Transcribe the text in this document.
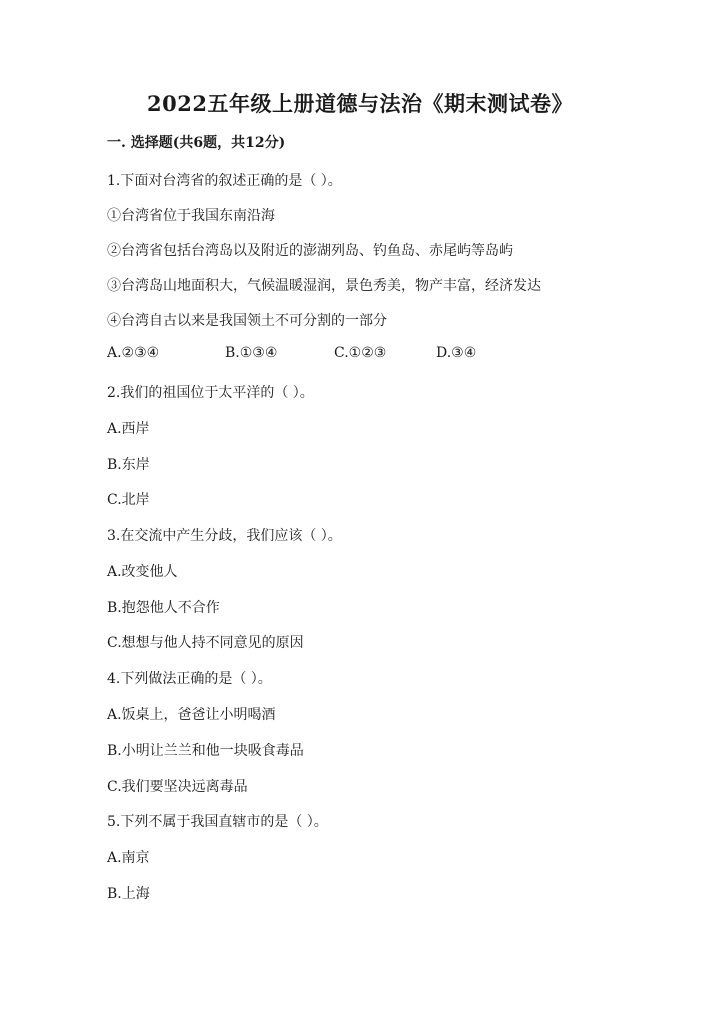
2022五年级上册道德与法治《期末测试卷》
一. 选择题(共6题，共12分)
1.下面对台湾省的叙述正确的是（ ）。
①台湾省位于我国东南沿海
②台湾省包括台湾岛以及附近的澎湖列岛、钓鱼岛、赤尾屿等岛屿
③台湾岛山地面积大，气候温暖湿润，景色秀美，物产丰富，经济发达
④台湾自古以来是我国领土不可分割的一部分
A.②③④	B.①③④	C.①②③	D.③④
2.我们的祖国位于太平洋的（ ）。
A.西岸
B.东岸
C.北岸
3.在交流中产生分歧，我们应该（ ）。
A.改变他人
B.抱怨他人不合作
C.想想与他人持不同意见的原因
4.下列做法正确的是（ ）。
A.饭桌上，爸爸让小明喝酒
B.小明让兰兰和他一块吸食毒品
C.我们要坚决远离毒品
5.下列不属于我国直辖市的是（ ）。
A.南京
B.上海
